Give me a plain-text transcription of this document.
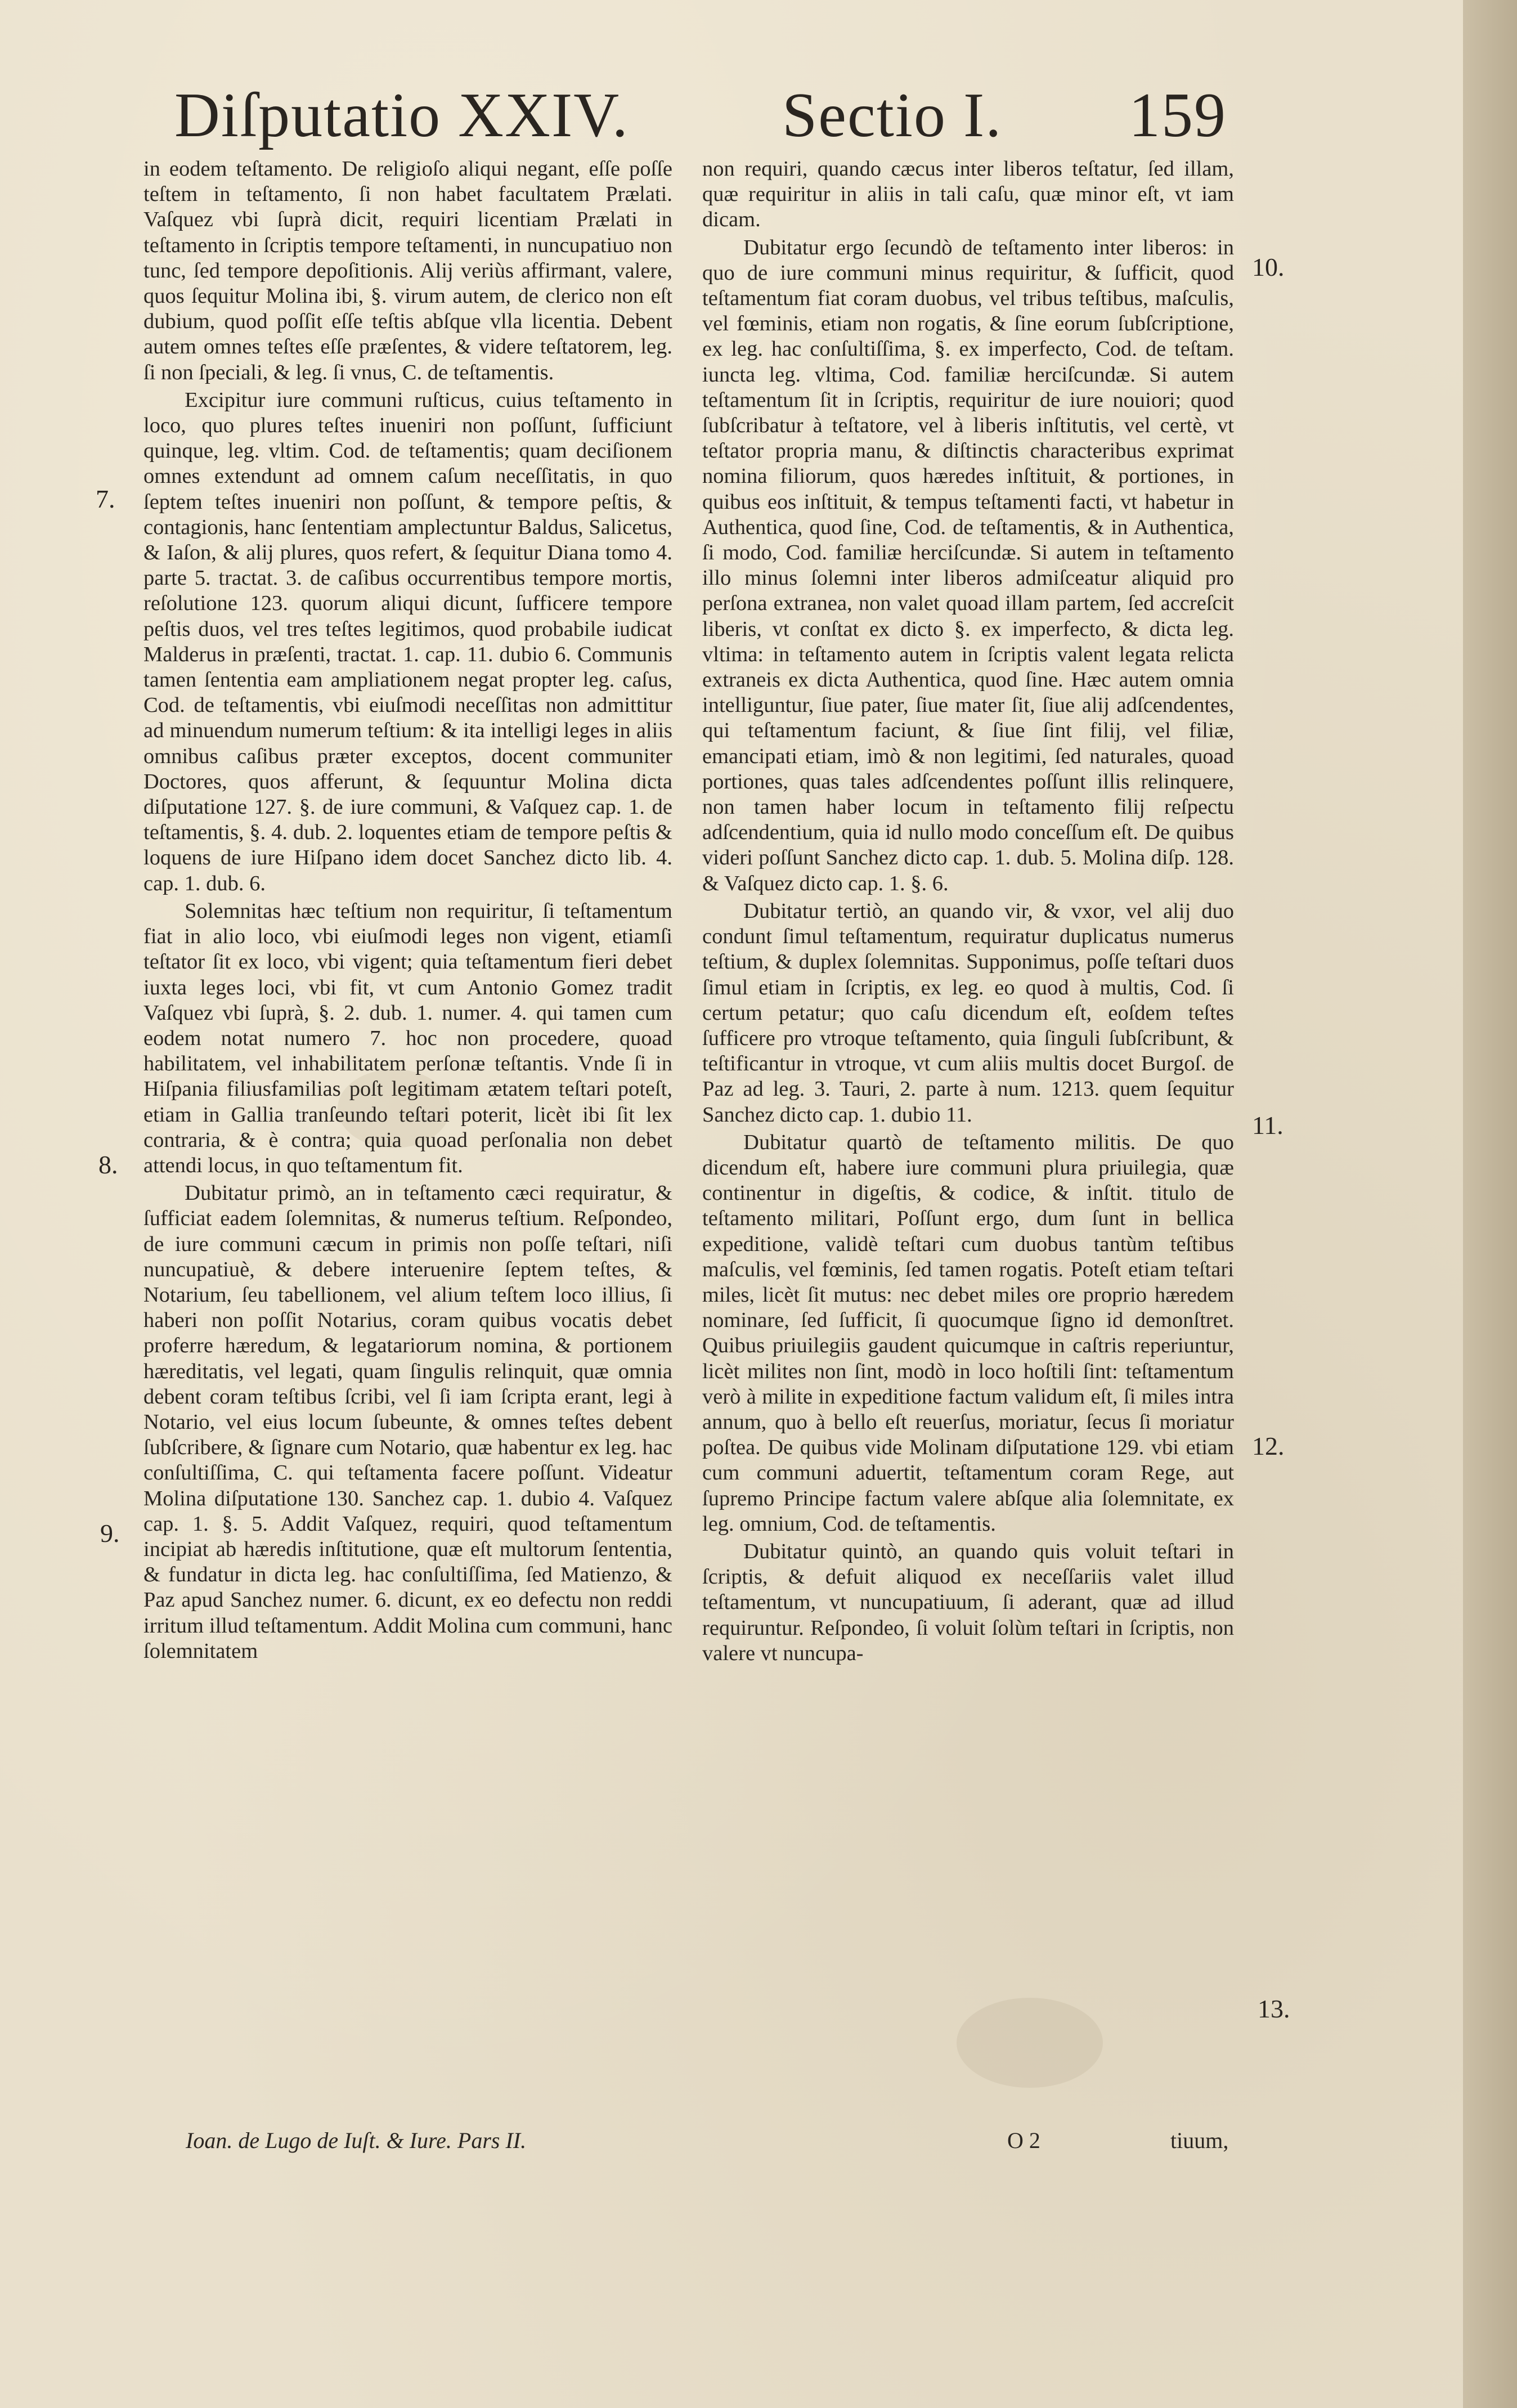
Diſputatio XXIV. Sectio I. 159

in eodem teſtamento. De religioſo aliqui negant, eſſe poſſe teſtem in teſtamento, ſi non habet facultatem Prælati. Vaſquez vbi ſuprà dicit, requiri licentiam Prælati in teſtamento in ſcriptis tempore teſtamenti, in nuncupatiuo non tunc, ſed tempore depoſitionis. Alij veriùs affirmant, valere, quos ſequitur Molina ibi, §. virum autem, de clerico non eſt dubium, quod poſſit eſſe teſtis abſque vlla licentia. Debent autem omnes teſtes eſſe præſentes, & videre teſtatorem, leg. ſi non ſpeciali, & leg. ſi vnus, C. de teſtamentis.

Excipitur iure communi ruſticus, cuius teſtamento in loco, quo plures teſtes inueniri non poſſunt, ſufficiunt quinque, leg. vltim. Cod. de teſtamentis; quam deciſionem omnes extendunt ad omnem caſum neceſſitatis, in quo ſeptem teſtes inueniri non poſſunt, & tempore peſtis, & contagionis, hanc ſententiam amplectuntur Baldus, Salicetus, & Iaſon, & alij plures, quos refert, & ſequitur Diana tomo 4. parte 5. tractat. 3. de caſibus occurrentibus tempore mortis, reſolutione 123. quorum aliqui dicunt, ſufficere tempore peſtis duos, vel tres teſtes legitimos, quod probabile iudicat Malderus in præſenti, tractat. 1. cap. 11. dubio 6. Communis tamen ſententia eam ampliationem negat propter leg. caſus, Cod. de teſtamentis, vbi eiuſmodi neceſſitas non admittitur ad minuendum numerum teſtium: & ita intelligi leges in aliis omnibus caſibus præter exceptos, docent communiter Doctores, quos afferunt, & ſequuntur Molina dicta diſputatione 127. §. de iure communi, & Vaſquez cap. 1. de teſtamentis, §. 4. dub. 2. loquentes etiam de tempore peſtis & loquens de iure Hiſpano idem docet Sanchez dicto lib. 4. cap. 1. dub. 6.

Solemnitas hæc teſtium non requiritur, ſi teſtamentum fiat in alio loco, vbi eiuſmodi leges non vigent, etiamſi teſtator ſit ex loco, vbi vigent; quia teſtamentum fieri debet iuxta leges loci, vbi fit, vt cum Antonio Gomez tradit Vaſquez vbi ſuprà, §. 2. dub. 1. numer. 4. qui tamen cum eodem notat numero 7. hoc non procedere, quoad habilitatem, vel inhabilitatem perſonæ teſtantis. Vnde ſi in Hiſpania filiusfamilias poſt legitimam ætatem teſtari poteſt, etiam in Gallia tranſeundo teſtari poterit, licèt ibi ſit lex contraria, & è contra; quia quoad perſonalia non debet attendi locus, in quo teſtamentum fit.

Dubitatur primò, an in teſtamento cæci requiratur, & ſufficiat eadem ſolemnitas, & numerus teſtium. Reſpondeo, de iure communi cæcum in primis non poſſe teſtari, niſi nuncupatiuè, & debere interuenire ſeptem teſtes, & Notarium, ſeu tabellionem, vel alium teſtem loco illius, ſi haberi non poſſit Notarius, coram quibus vocatis debet proferre hæredum, & legatariorum nomina, & portionem hæreditatis, vel legati, quam ſingulis relinquit, quæ omnia debent coram teſtibus ſcribi, vel ſi iam ſcripta erant, legi à Notario, vel eius locum ſubeunte, & omnes teſtes debent ſubſcribere, & ſignare cum Notario, quæ habentur ex leg. hac conſultiſſima, C. qui teſtamenta facere poſſunt. Videatur Molina diſputatione 130. Sanchez cap. 1. dubio 4. Vaſquez cap. 1. §. 5. Addit Vaſquez, requiri, quod teſtamentum incipiat ab hæredis inſtitutione, quæ eſt multorum ſententia, & fundatur in dicta leg. hac conſultiſſima, ſed Matienzo, & Paz apud Sanchez numer. 6. dicunt, ex eo defectu non reddi irritum illud teſtamentum. Addit Molina cum communi, hanc ſolemnitatem

non requiri, quando cæcus inter liberos teſtatur, ſed illam, quæ requiritur in aliis in tali caſu, quæ minor eſt, vt iam dicam.

Dubitatur ergo ſecundò de teſtamento inter liberos: in quo de iure communi minus requiritur, & ſufficit, quod teſtamentum fiat coram duobus, vel tribus teſtibus, maſculis, vel fœminis, etiam non rogatis, & ſine eorum ſubſcriptione, ex leg. hac conſultiſſima, §. ex imperfecto, Cod. de teſtam. iuncta leg. vltima, Cod. familiæ herciſcundæ. Si autem teſtamentum ſit in ſcriptis, requiritur de iure nouiori; quod ſubſcribatur à teſtatore, vel à liberis inſtitutis, vel certè, vt teſtator propria manu, & diſtinctis characteribus exprimat nomina filiorum, quos hæredes inſtituit, & portiones, in quibus eos inſtituit, & tempus teſtamenti facti, vt habetur in Authentica, quod ſine, Cod. de teſtamentis, & in Authentica, ſi modo, Cod. familiæ herciſcundæ. Si autem in teſtamento illo minus ſolemni inter liberos admiſceatur aliquid pro perſona extranea, non valet quoad illam partem, ſed accreſcit liberis, vt conſtat ex dicto §. ex imperfecto, & dicta leg. vltima: in teſtamento autem in ſcriptis valent legata relicta extraneis ex dicta Authentica, quod ſine. Hæc autem omnia intelliguntur, ſiue pater, ſiue mater ſit, ſiue alij adſcendentes, qui teſtamentum faciunt, & ſiue ſint filij, vel filiæ, emancipati etiam, imò & non legitimi, ſed naturales, quoad portiones, quas tales adſcendentes poſſunt illis relinquere, non tamen haber locum in teſtamento filij reſpectu adſcendentium, quia id nullo modo conceſſum eſt. De quibus videri poſſunt Sanchez dicto cap. 1. dub. 5. Molina diſp. 128. & Vaſquez dicto cap. 1. §. 6.

Dubitatur tertiò, an quando vir, & vxor, vel alij duo condunt ſimul teſtamentum, requiratur duplicatus numerus teſtium, & duplex ſolemnitas. Supponimus, poſſe teſtari duos ſimul etiam in ſcriptis, ex leg. eo quod à multis, Cod. ſi certum petatur; quo caſu dicendum eſt, eoſdem teſtes ſufficere pro vtroque teſtamento, quia ſinguli ſubſcribunt, & teſtificantur in vtroque, vt cum aliis multis docet Burgoſ. de Paz ad leg. 3. Tauri, 2. parte à num. 1213. quem ſequitur Sanchez dicto cap. 1. dubio 11.

Dubitatur quartò de teſtamento militis. De quo dicendum eſt, habere iure communi plura priuilegia, quæ continentur in digeſtis, & codice, & inſtit. titulo de teſtamento militari, Poſſunt ergo, dum ſunt in bellica expeditione, validè teſtari cum duobus tantùm teſtibus maſculis, vel fœminis, ſed tamen rogatis. Poteſt etiam teſtari miles, licèt ſit mutus: nec debet miles ore proprio hæredem nominare, ſed ſufficit, ſi quocumque ſigno id demonſtret. Quibus priuilegiis gaudent quicumque in caſtris reperiuntur, licèt milites non ſint, modò in loco hoſtili ſint: teſtamentum verò à milite in expeditione factum validum eſt, ſi miles intra annum, quo à bello eſt reuerſus, moriatur, ſecus ſi moriatur poſtea. De quibus vide Molinam diſputatione 129. vbi etiam cum communi aduertit, teſtamentum coram Rege, aut ſupremo Principe factum valere abſque alia ſolemnitate, ex leg. omnium, Cod. de teſtamentis.

Dubitatur quintò, an quando quis voluit teſtari in ſcriptis, & defuit aliquod ex neceſſariis valet illud teſtamentum, vt nuncupatiuum, ſi aderant, quæ ad illud requiruntur. Reſpondeo, ſi voluit ſolùm teſtari in ſcriptis, non valere vt nuncupa-

7.
8.
9.
10.
11.
12.
13.
Ioan. de Lugo de Iuſt. & Iure. Pars II.	O 2	tiuum,
